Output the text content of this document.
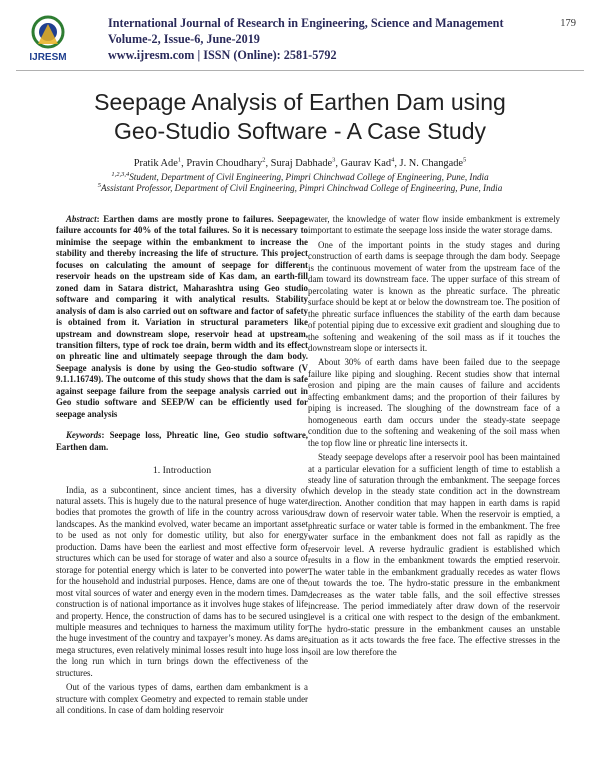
IJRESM
International Journal of Research in Engineering, Science and Management
Volume-2, Issue-6, June-2019
www.ijresm.com | ISSN (Online): 2581-5792
179
Seepage Analysis of Earthen Dam using
Geo-Studio Software - A Case Study
Pratik Ade$^1$, Pravin Choudhary$^2$, Suraj Dabhade$^3$, Gaurav Kad$^4$, J. N. Changade$^5$
$^{1,2,3,4}$Student, Department of Civil Engineering, Pimpri Chinchwad College of Engineering, Pune, India
$^5$Assistant Professor, Department of Civil Engineering, Pimpri Chinchwad College of Engineering, Pune, India

Abstract: Earthen dams are mostly prone to failures. Seepage failure accounts for 40% of the total failures. So it is necessary to minimise the seepage within the embankment to increase the stability and thereby increasing the life of structure. This project focuses on calculating the amount of seepage for different reservoir heads on the upstream side of Kas dam, an earth-fill zoned dam in Satara district, Maharashtra using Geo studio software and comparing it with analytical results. Stability analysis of dam is also carried out on software and factor of safety is obtained from it. Variation in structural parameters like upstream and downstream slope, reservoir head at upstream, transition filters, type of rock toe drain, berm width and its effect on phreatic line and ultimately seepage through the dam body. Seepage analysis is done by using the Geo-studio software (V 9.1.1.16749). The outcome of this study shows that the dam is safe against seepage failure from the seepage analysis carried out in Geo studio software and SEEP/W can be efficiently used for seepage analysis

Keywords: Seepage loss, Phreatic line, Geo studio software, Earthen dam.

1. Introduction

India, as a subcontinent, since ancient times, has a diversity of natural assets. This is hugely due to the natural presence of huge water bodies that promotes the growth of life in the country across various landscapes. As the mankind evolved, water became an important asset to be used as not only for domestic utility, but also for energy production. Dams have been the earliest and most effective form of structures which can be used for storage of water and also a source of storage for potential energy which is later to be converted into power for the household and industrial purposes. Hence, dams are one of the most vital sources of water and energy even in the modern times. Dam construction is of national importance as it involves huge stakes of life and property. Hence, the construction of dams has to be secured using multiple measures and techniques to harness the maximum utility for the huge investment of the country and taxpayer’s money. As dams are mega structures, even relatively minimal losses result into huge loss in the long run which in turn brings down the effectiveness of the structures.

Out of the various types of dams, earthen dam embankment is a structure with complex Geometry and expected to remain stable under all conditions. In case of dam holding reservoir

water, the knowledge of water flow inside embankment is extremely important to estimate the seepage loss inside the water storage dams.

One of the important points in the study stages and during construction of earth dams is seepage through the dam body. Seepage is the continuous movement of water from the upstream face of the dam toward its downstream face. The upper surface of this stream of percolating water is known as the phreatic surface. The phreatic surface should be kept at or below the downstream toe. The position of the phreatic surface influences the stability of the earth dam because of potential piping due to excessive exit gradient and sloughing due to the softening and weakening of the soil mass as if it touches the downstream slope or intersects it.

About 30% of earth dams have been failed due to the seepage failure like piping and sloughing. Recent studies show that internal erosion and piping are the main causes of failure and accidents affecting embankment dams; and the proportion of their failures by piping is increased. The sloughing of the downstream face of a homogeneous earth dam occurs under the steady-state seepage condition due to the softening and weakening of the soil mass when the top flow line or phreatic line intersects it.

Steady seepage develops after a reservoir pool has been maintained at a particular elevation for a sufficient length of time to establish a steady line of saturation through the embankment. The seepage forces which develop in the steady state condition act in the downstream direction. Another condition that may happen in earth dams is rapid draw down of reservoir water table. When the reservoir is emptied, a phreatic surface or water table is formed in the embankment. The free water surface in the embankment does not fall as rapidly as the reservoir level. A reverse hydraulic gradient is established which results in a flow in the embankment towards the emptied reservoir. The water table in the embankment gradually recedes as water flows out towards the toe. The hydro-static pressure in the embankment decreases as the water table falls, and the soil effective stresses increase. The period immediately after draw down of the reservoir level is a critical one with respect to the design of the embankment. The hydro-static pressure in the embankment causes an unstable situation as it acts towards the free face. The effective stresses in the soil are low therefore the
